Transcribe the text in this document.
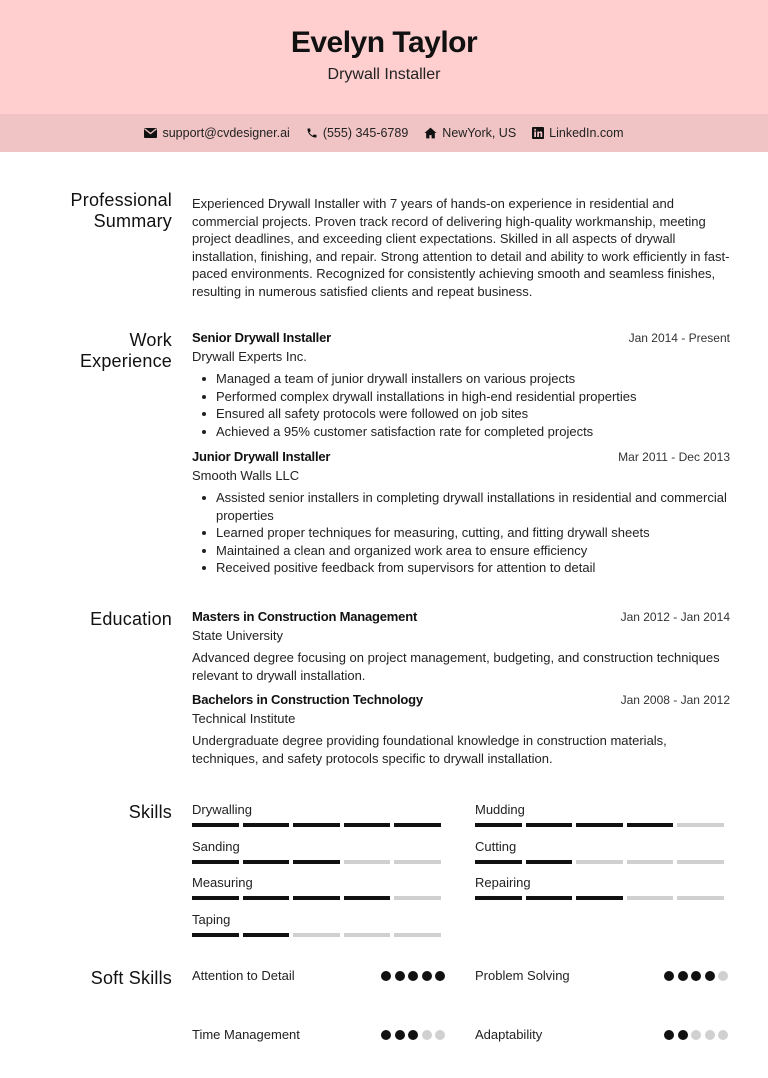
Evelyn Taylor
Drywall Installer
support@cvdesigner.ai	(555) 345-6789	NewYork, US	LinkedIn.com
Professional Summary
Experienced Drywall Installer with 7 years of hands-on experience in residential and commercial projects. Proven track record of delivering high-quality workmanship, meeting project deadlines, and exceeding client expectations. Skilled in all aspects of drywall installation, finishing, and repair. Strong attention to detail and ability to work efficiently in fast-paced environments. Recognized for consistently achieving smooth and seamless finishes, resulting in numerous satisfied clients and repeat business.
Work Experience
Senior Drywall Installer	Jan 2014 - Present
Drywall Experts Inc.
Managed a team of junior drywall installers on various projects
Performed complex drywall installations in high-end residential properties
Ensured all safety protocols were followed on job sites
Achieved a 95% customer satisfaction rate for completed projects
Junior Drywall Installer	Mar 2011 - Dec 2013
Smooth Walls LLC
Assisted senior installers in completing drywall installations in residential and commercial properties
Learned proper techniques for measuring, cutting, and fitting drywall sheets
Maintained a clean and organized work area to ensure efficiency
Received positive feedback from supervisors for attention to detail
Education Masters in Construction Management	Jan 2012 - Jan 2014
State University
Advanced degree focusing on project management, budgeting, and construction techniques relevant to drywall installation.
Bachelors in Construction Technology	Jan 2008 - Jan 2012
Technical Institute
Undergraduate degree providing foundational knowledge in construction materials, techniques, and safety protocols specific to drywall installation.
Skills Drywalling	Mudding
Sanding	Cutting
Measuring	Repairing
Taping
Soft Skills Attention to Detail	Problem Solving
Time Management	Adaptability
